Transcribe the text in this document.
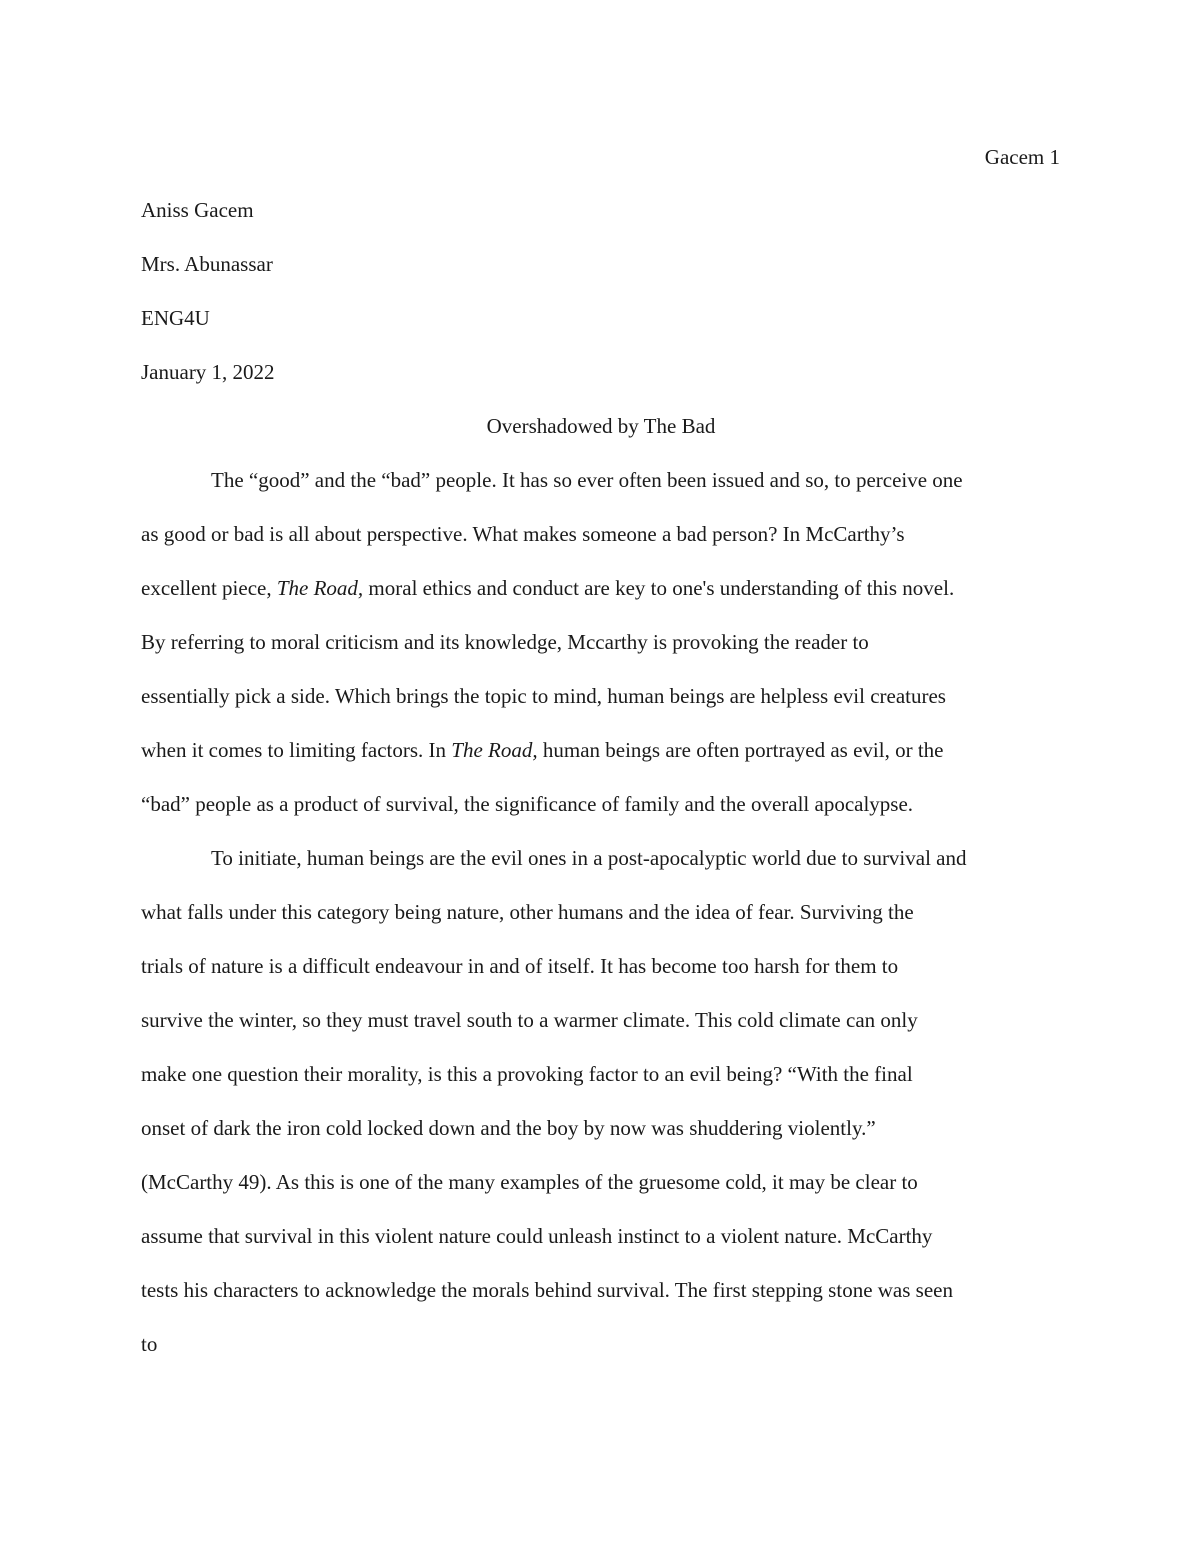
Gacem 1
Aniss Gacem
Mrs. Abunassar
ENG4U
January 1, 2022
Overshadowed by The Bad
The “good” and the “bad” people. It has so ever often been issued and so, to perceive one
as good or bad is all about perspective. What makes someone a bad person? In McCarthy’s
excellent piece, The Road, moral ethics and conduct are key to one's understanding of this novel.
By referring to moral criticism and its knowledge, Mccarthy is provoking the reader to
essentially pick a side. Which brings the topic to mind, human beings are helpless evil creatures
when it comes to limiting factors. In The Road, human beings are often portrayed as evil, or the
“bad” people as a product of survival, the significance of family and the overall apocalypse.
To initiate, human beings are the evil ones in a post-apocalyptic world due to survival and
what falls under this category being nature, other humans and the idea of fear. Surviving the
trials of nature is a difficult endeavour in and of itself. It has become too harsh for them to
survive the winter, so they must travel south to a warmer climate. This cold climate can only
make one question their morality, is this a provoking factor to an evil being? “With the final
onset of dark the iron cold locked down and the boy by now was shuddering violently.”
(McCarthy 49). As this is one of the many examples of the gruesome cold, it may be clear to
assume that survival in this violent nature could unleash instinct to a violent nature. McCarthy
tests his characters to acknowledge the morals behind survival. The first stepping stone was seen
to
